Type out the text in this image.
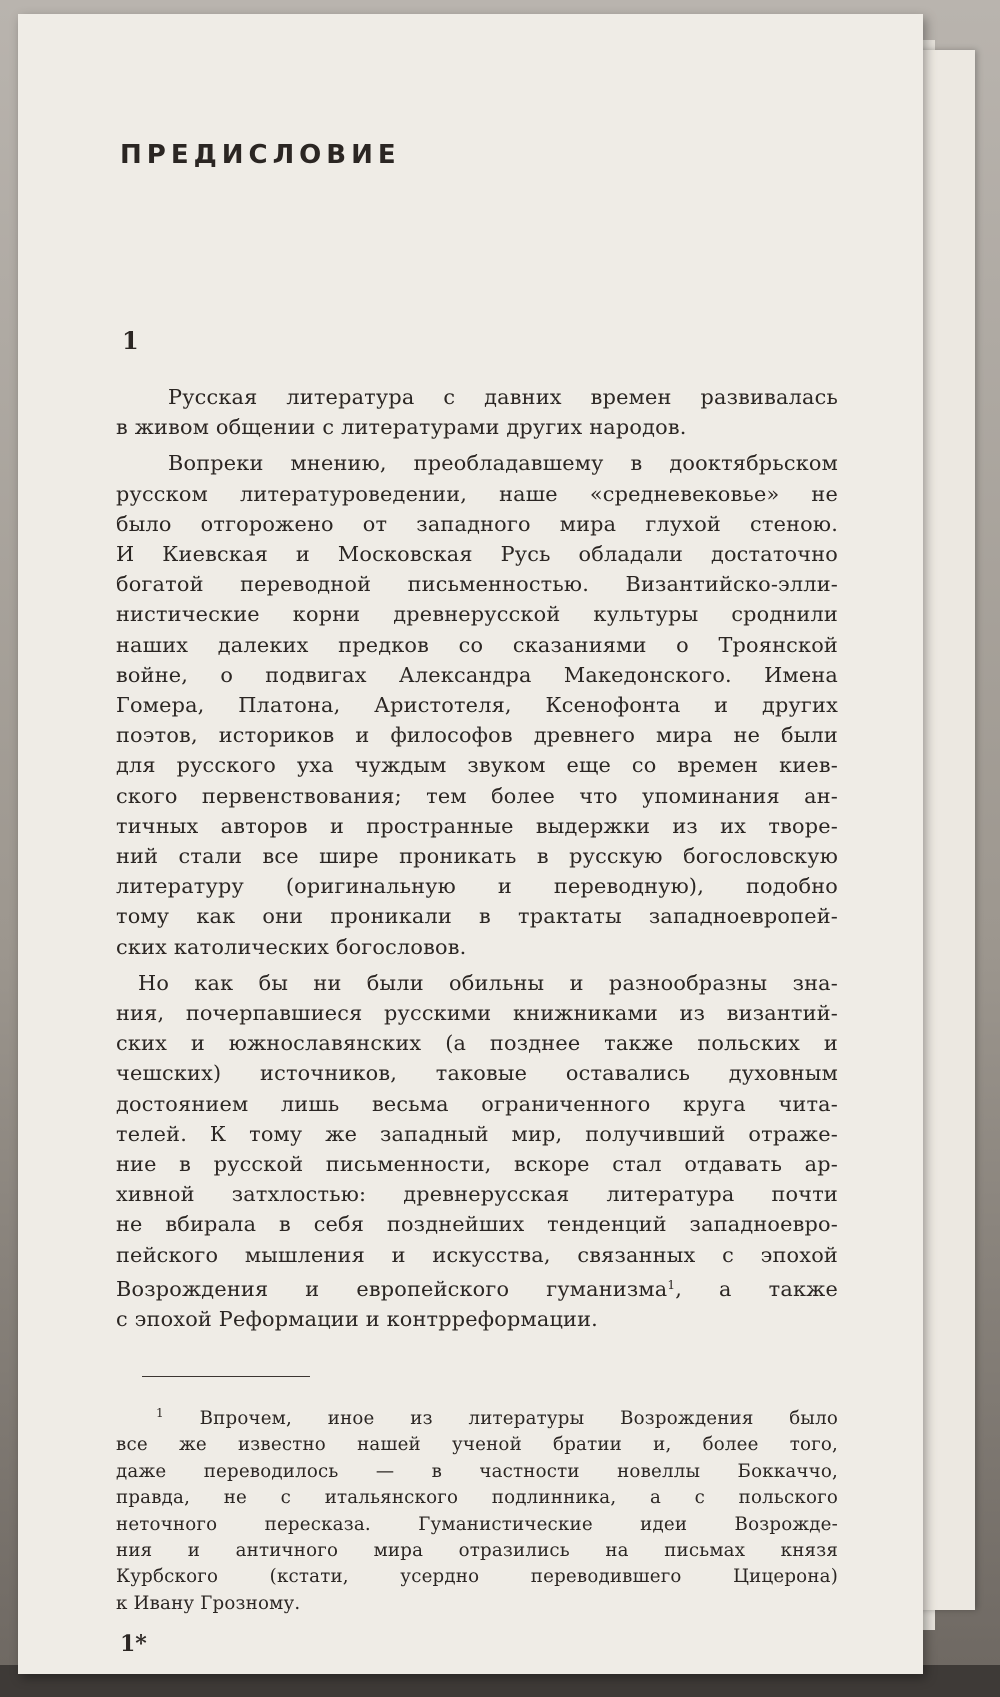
ПРЕДИСЛОВИЕ
1

Русская литература с давних времен развивалась
в живом общении с литературами других народов.

Вопреки мнению, преобладавшему в дооктябрьском
русском литературоведении, наше «средневековье» не
было отгорожено от западного мира глухой стеною.
И Киевская и Московская Русь обладали достаточно
богатой переводной письменностью. Византийско-элли-
нистические корни древнерусской культуры сроднили
наших далеких предков со сказаниями о Троянской
войне, о подвигах Александра Македонского. Имена
Гомера, Платона, Аристотеля, Ксенофонта и других
поэтов, историков и философов древнего мира не были
для русского уха чуждым звуком еще со времен киев-
ского первенствования; тем более что упоминания ан-
тичных авторов и пространные выдержки из их творе-
ний стали все шире проникать в русскую богословскую
литературу (оригинальную и переводную), подобно
тому как они проникали в трактаты западноевропей-
ских католических богословов.

Но как бы ни были обильны и разнообразны зна-
ния, почерпавшиеся русскими книжниками из византий-
ских и южнославянских (а позднее также польских и
чешских) источников, таковые оставались духовным
достоянием лишь весьма ограниченного круга чита-
телей. К тому же западный мир, получивший отраже-
ние в русской письменности, вскоре стал отдавать ар-
хивной затхлостью: древнерусская литература почти
не вбирала в себя позднейших тенденций западноевро-
пейского мышления и искусства, связанных с эпохой
Возрождения и европейского гуманизма$^1$, а также
с эпохой Реформации и контрреформации.

$^1$ Впрочем, иное из литературы Возрождения было
все же известно нашей ученой братии и, более того,
даже переводилось — в частности новеллы Боккаччо,
правда, не с итальянского подлинника, а с польского
неточного пересказа. Гуманистические идеи Возрожде-
ния и античного мира отразились на письмах князя
Курбского (кстати, усердно переводившего Цицерона)
к Ивану Грозному.
1*
